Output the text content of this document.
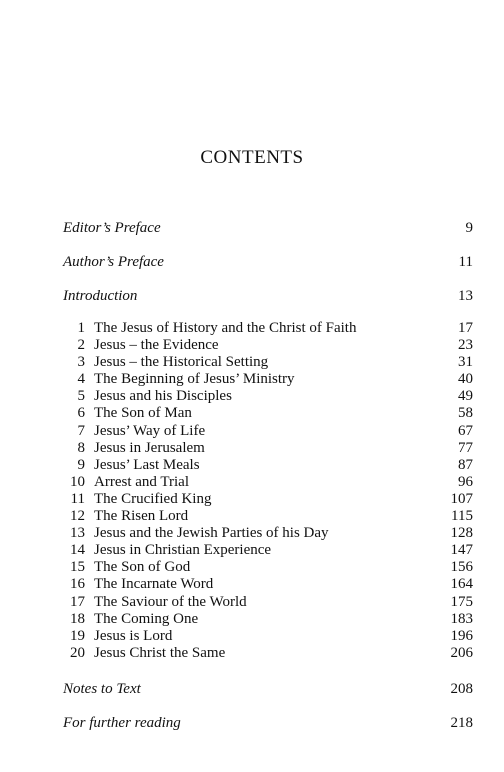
CONTENTS
Editor’s Preface	9
Author’s Preface	11
Introduction	13
1 The Jesus of History and the Christ of Faith	17
2 Jesus – the Evidence	23
3 Jesus – the Historical Setting	31
4 The Beginning of Jesus’ Ministry	40
5 Jesus and his Disciples	49
6 The Son of Man	58
7 Jesus’ Way of Life	67
8 Jesus in Jerusalem	77
9 Jesus’ Last Meals	87
10 Arrest and Trial	96
11 The Crucified King	107
12 The Risen Lord	115
13 Jesus and the Jewish Parties of his Day	128
14 Jesus in Christian Experience	147
15 The Son of God	156
16 The Incarnate Word	164
17 The Saviour of the World	175
18 The Coming One	183
19 Jesus is Lord	196
20 Jesus Christ the Same	206
Notes to Text	208
For further reading	218
